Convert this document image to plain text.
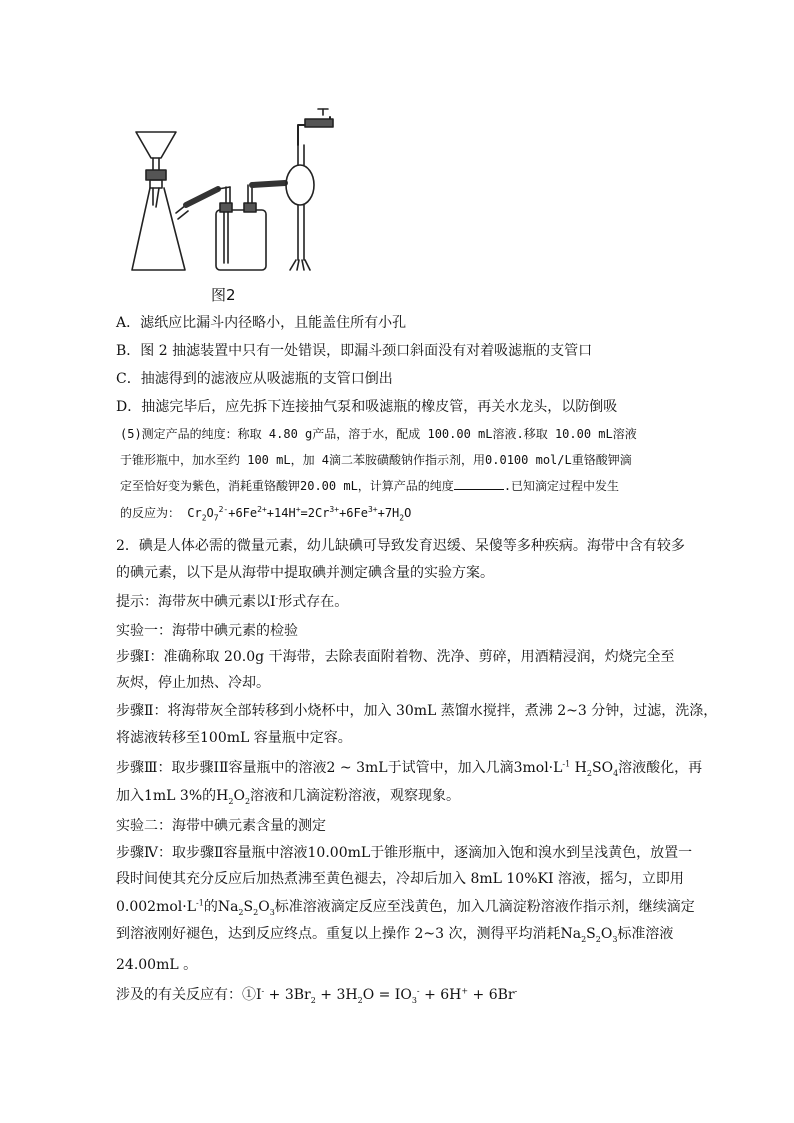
图2
A．滤纸应比漏斗内径略小，且能盖住所有小孔
B．图 2 抽滤装置中只有一处错误，即漏斗颈口斜面没有对着吸滤瓶的支管口
C．抽滤得到的滤液应从吸滤瓶的支管口倒出
D．抽滤完毕后，应先拆下连接抽气泵和吸滤瓶的橡皮管，再关水龙头，以防倒吸
(5)测定产品的纯度：称取 4.80 g产品，溶于水，配成 100.00 mL溶液.移取 10.00 mL溶液
于锥形瓶中，加水至约 100 mL，加 4滴二苯胺磺酸钠作指示剂，用0.0100 mol/L重铬酸钾滴
定至恰好变为紫色，消耗重铬酸钾20.00 mL，计算产品的纯度	.已知滴定过程中发生
的反应为： $Cr_2O_7^{2-}+6Fe^{2+}+14H^+=2Cr^{3+}+6Fe^{3+}+7H_2O$
2．碘是人体必需的微量元素，幼儿缺碘可导致发育迟缓、呆傻等多种疾病。海带中含有较多
的碘元素，以下是从海带中提取碘并测定碘含量的实验方案。
提示：海带灰中碘元素以I-形式存在。
实验一：海带中碘元素的检验
步骤Ⅰ：准确称取 20.0g 干海带，去除表面附着物、洗净、剪碎，用酒精浸润，灼烧完全至
灰烬，停止加热、冷却。
步骤Ⅱ：将海带灰全部转移到小烧杯中，加入 30mL 蒸馏水搅拌，煮沸 2~3 分钟，过滤，洗涤，
将滤液转移至100mL 容量瓶中定容。
步骤Ⅲ：取步骤ⅠⅡ容量瓶中的溶液2 ~ 3mL于试管中，加入几滴$3mol\cdot L^{-1}$ $H_2SO_4$溶液酸化，再
加入1mL 3%的$H_2O_2$溶液和几滴淀粉溶液，观察现象。
实验二：海带中碘元素含量的测定
步骤Ⅳ：取步骤Ⅱ容量瓶中溶液10.00mL于锥形瓶中，逐滴加入饱和溴水到呈浅黄色，放置一
段时间使其充分反应后加热煮沸至黄色褪去，冷却后加入 8mL 10%KI 溶液，摇匀，立即用
$0.002mol\cdot L^{-1}$的$Na_2S_2O_3$标准溶液滴定反应至浅黄色，加入几滴淀粉溶液作指示剂，继续滴定
到溶液刚好褪色，达到反应终点。重复以上操作 2~3 次，测得平均消耗$Na_2S_2O_3$标准溶液
24.00mL 。
涉及的有关反应有：①I- + $3Br_2 + 3H_2O = IO_3^- + 6H^+ + 6Br^-$
